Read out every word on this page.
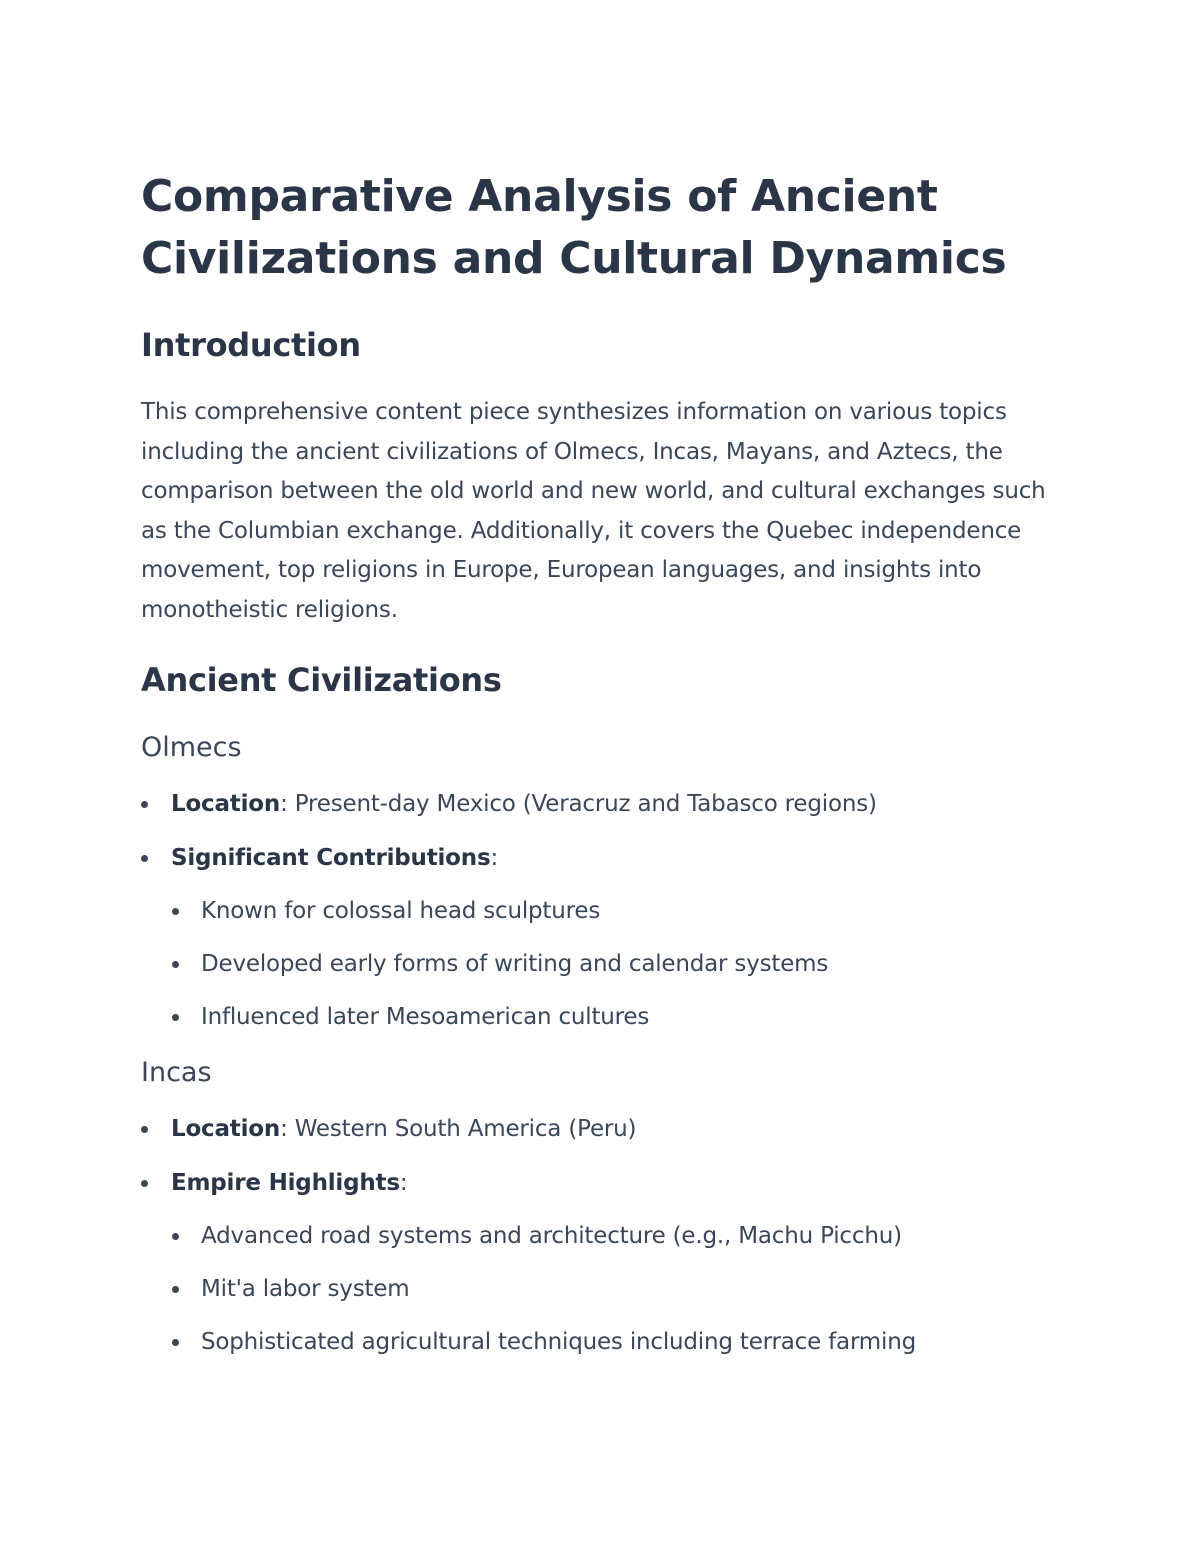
Comparative Analysis of Ancient Civilizations and Cultural Dynamics
Introduction

This comprehensive content piece synthesizes information on various topics including the ancient civilizations of Olmecs, Incas, Mayans, and Aztecs, the comparison between the old world and new world, and cultural exchanges such as the Columbian exchange. Additionally, it covers the Quebec independence movement, top religions in Europe, European languages, and insights into monotheistic religions.

Ancient Civilizations
Olmecs
Location: Present-day Mexico (Veracruz and Tabasco regions)
Significant Contributions:
Known for colossal head sculptures
Developed early forms of writing and calendar systems
Influenced later Mesoamerican cultures
Incas
Location: Western South America (Peru)
Empire Highlights:
Advanced road systems and architecture (e.g., Machu Picchu)
Mit'a labor system
Sophisticated agricultural techniques including terrace farming
